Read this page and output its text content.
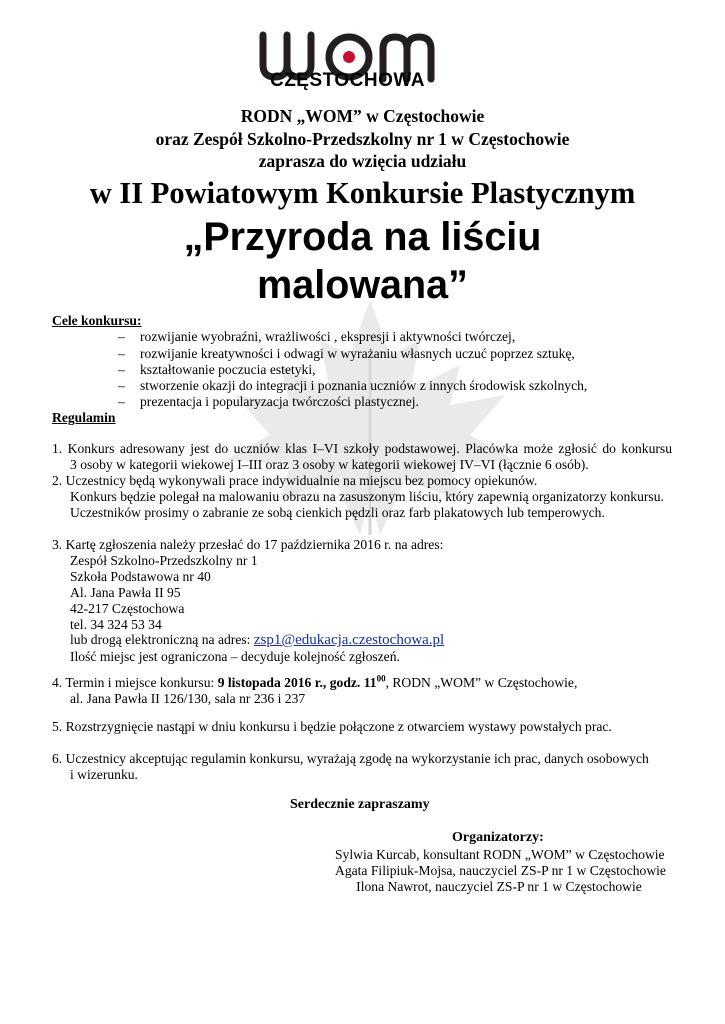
CZĘSTOCHOWA
RODN „WOM” w Częstochowie
oraz Zespół Szkolno-Przedszkolny nr 1 w Częstochowie
zaprasza do wzięcia udziału
w II Powiatowym Konkursie Plastycznym
„Przyroda na liściu
malowana”
Cele konkursu:
– rozwijanie wyobraźni, wrażliwości , ekspresji i aktywności twórczej,
– rozwijanie kreatywności i odwagi w wyrażaniu własnych uczuć poprzez sztukę,
– kształtowanie poczucia estetyki,
– stworzenie okazji do integracji i poznania uczniów z innych środowisk szkolnych,
– prezentacja i popularyzacja twórczości plastycznej.
Regulamin
1. Konkurs adresowany jest do uczniów klas I–VI szkoły podstawowej. Placówka może zgłosić do konkursu
3 osoby w kategorii wiekowej I–III oraz 3 osoby w kategorii wiekowej IV–VI (łącznie 6 osób).
2. Uczestnicy będą wykonywali prace indywidualnie na miejscu bez pomocy opiekunów.
Konkurs będzie polegał na malowaniu obrazu na zasuszonym liściu, który zapewnią organizatorzy konkursu.
Uczestników prosimy o zabranie ze sobą cienkich pędzli oraz farb plakatowych lub temperowych.
3. Kartę zgłoszenia należy przesłać do 17 października 2016 r. na adres:
Zespół Szkolno-Przedszkolny nr 1
Szkoła Podstawowa nr 40
Al. Jana Pawła II 95
42-217 Częstochowa
tel. 34 324 53 34
lub drogą elektroniczną na adres: zsp1@edukacja.czestochowa.pl
Ilość miejsc jest ograniczona – decyduje kolejność zgłoszeń.
4. Termin i miejsce konkursu: 9 listopada 2016 r., godz. $11^{00}$, RODN „WOM” w Częstochowie,
al. Jana Pawła II 126/130, sala nr 236 i 237
5. Rozstrzygnięcie nastąpi w dniu konkursu i będzie połączone z otwarciem wystawy powstałych prac.
6. Uczestnicy akceptując regulamin konkursu, wyrażają zgodę na wykorzystanie ich prac, danych osobowych
i wizerunku.
Serdecznie zapraszamy
Organizatorzy:
Sylwia Kurcab, konsultant RODN „WOM” w Częstochowie
Agata Filipiuk-Mojsa, nauczyciel ZS-P nr 1 w Częstochowie
Ilona Nawrot, nauczyciel ZS-P nr 1 w Częstochowie
